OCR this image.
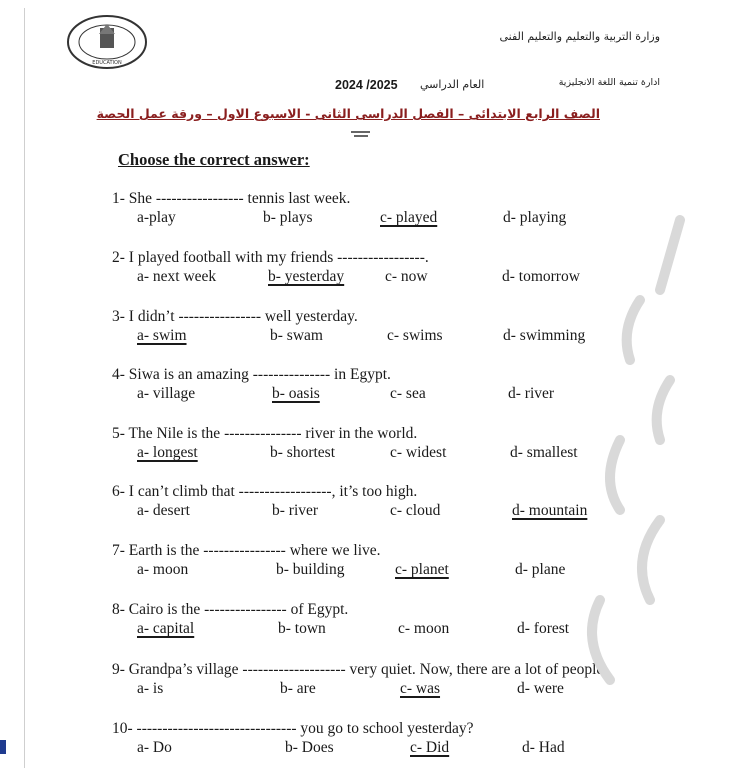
EDUCATION
وزارة التربية والتعليم والتعليم الفنى
ادارة تنمية اللغة الانجليزية
العام الدراسي
2024 /2025
الصف الرابع الابتدائى – الفصل الدراسى الثانى - الاسبوع الاول – ورقة عمل الحصة
Choose the correct answer:
1- She ----------------- tennis last week.
a-play	b- plays	c- played	d- playing
2- I played football with my friends -----------------.
a- next week	b- yesterday	c- now	d- tomorrow
3- I didn’t ---------------- well yesterday.
a- swim	b- swam	c- swims	d- swimming
4- Siwa is an amazing --------------- in Egypt.
a- village	b- oasis	c- sea	d- river
5- The Nile is the --------------- river in the world.
a- longest	b- shortest	c- widest	d- smallest
6- I can’t climb that ------------------, it’s too high.
a- desert	b- river	c- cloud	d- mountain
7- Earth is the ---------------- where we live.
a- moon	b- building	c- planet	d- plane
8- Cairo is the ---------------- of Egypt.
a- capital	b- town	c- moon	d- forest
9- Grandpa’s village -------------------- very quiet. Now, there are a lot of people.
a- is	b- are	c- was	d- were
10- ------------------------------- you go to school yesterday?
a- Do	b- Does	c- Did	d- Had
